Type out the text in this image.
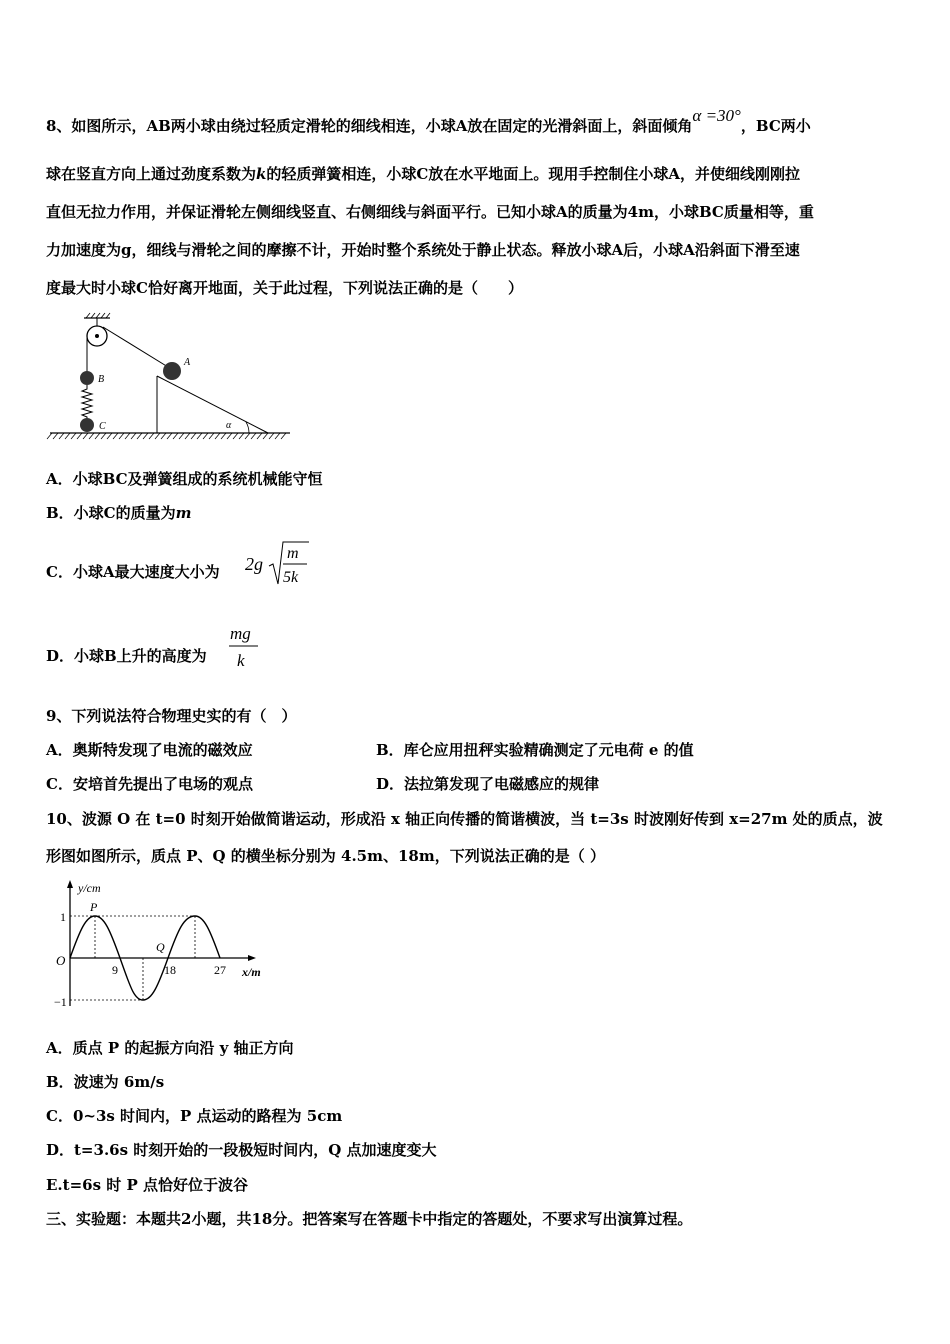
8、如图所示，AB两小球由绕过轻质定滑轮的细线相连，小球A放在固定的光滑斜面上，斜面倾角α =30°，BC两小
球在竖直方向上通过劲度系数为k的轻质弹簧相连，小球C放在水平地面上。现用手控制住小球A，并使细线刚刚拉
直但无拉力作用，并保证滑轮左侧细线竖直、右侧细线与斜面平行。已知小球A的质量为4m，小球BC质量相等，重
力加速度为g，细线与滑轮之间的摩擦不计，开始时整个系统处于静止状态。释放小球A后，小球A沿斜面下滑至速
度最大时小球C恰好离开地面，关于此过程，下列说法正确的是（　　）
B
C	α
A
A．小球BC及弹簧组成的系统机械能守恒
B．小球C的质量为m
C．小球A最大速度大小为 2g
m
5k
D．小球B上升的高度为
mg
k
9、下列说法符合物理史实的有（　）
A．奥斯特发现了电流的磁效应	B．库仑应用扭秤实验精确测定了元电荷 e 的值
C．安培首先提出了电场的观点	D．法拉第发现了电磁感应的规律
10、波源 O 在 t=0 时刻开始做简谐运动，形成沿 x 轴正向传播的简谐横波，当 t=3s 时波刚好传到 x=27m 处的质点，波
形图如图所示，质点 P、Q 的横坐标分别为 4.5m、18m，下列说法正确的是（ ）
y/cm
x/m
O
1
−1
P
Q
9	18	27
A．质点 P 的起振方向沿 y 轴正方向
B．波速为 6m/s
C．0~3s 时间内，P 点运动的路程为 5cm
D．t=3.6s 时刻开始的一段极短时间内，Q 点加速度变大
E.t=6s 时 P 点恰好位于波谷
三、实验题：本题共2小题，共18分。把答案写在答题卡中指定的答题处，不要求写出演算过程。
